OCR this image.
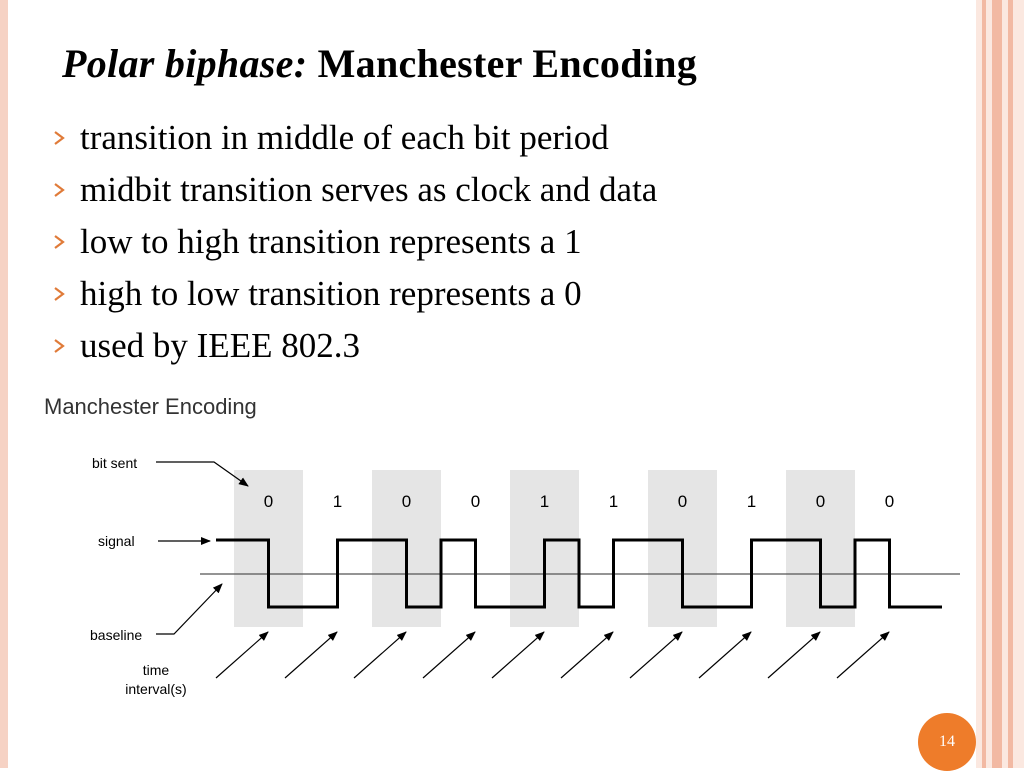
Polar biphase: Manchester Encoding
transition in middle of each bit period
midbit transition serves as clock and data
low to high transition represents a 1
high to low transition represents a 0
used by IEEE 802.3
Manchester Encoding
0	1	0	0	1	1	0	1	0	0
bit sent
signal
baseline
time
interval(s)
14
